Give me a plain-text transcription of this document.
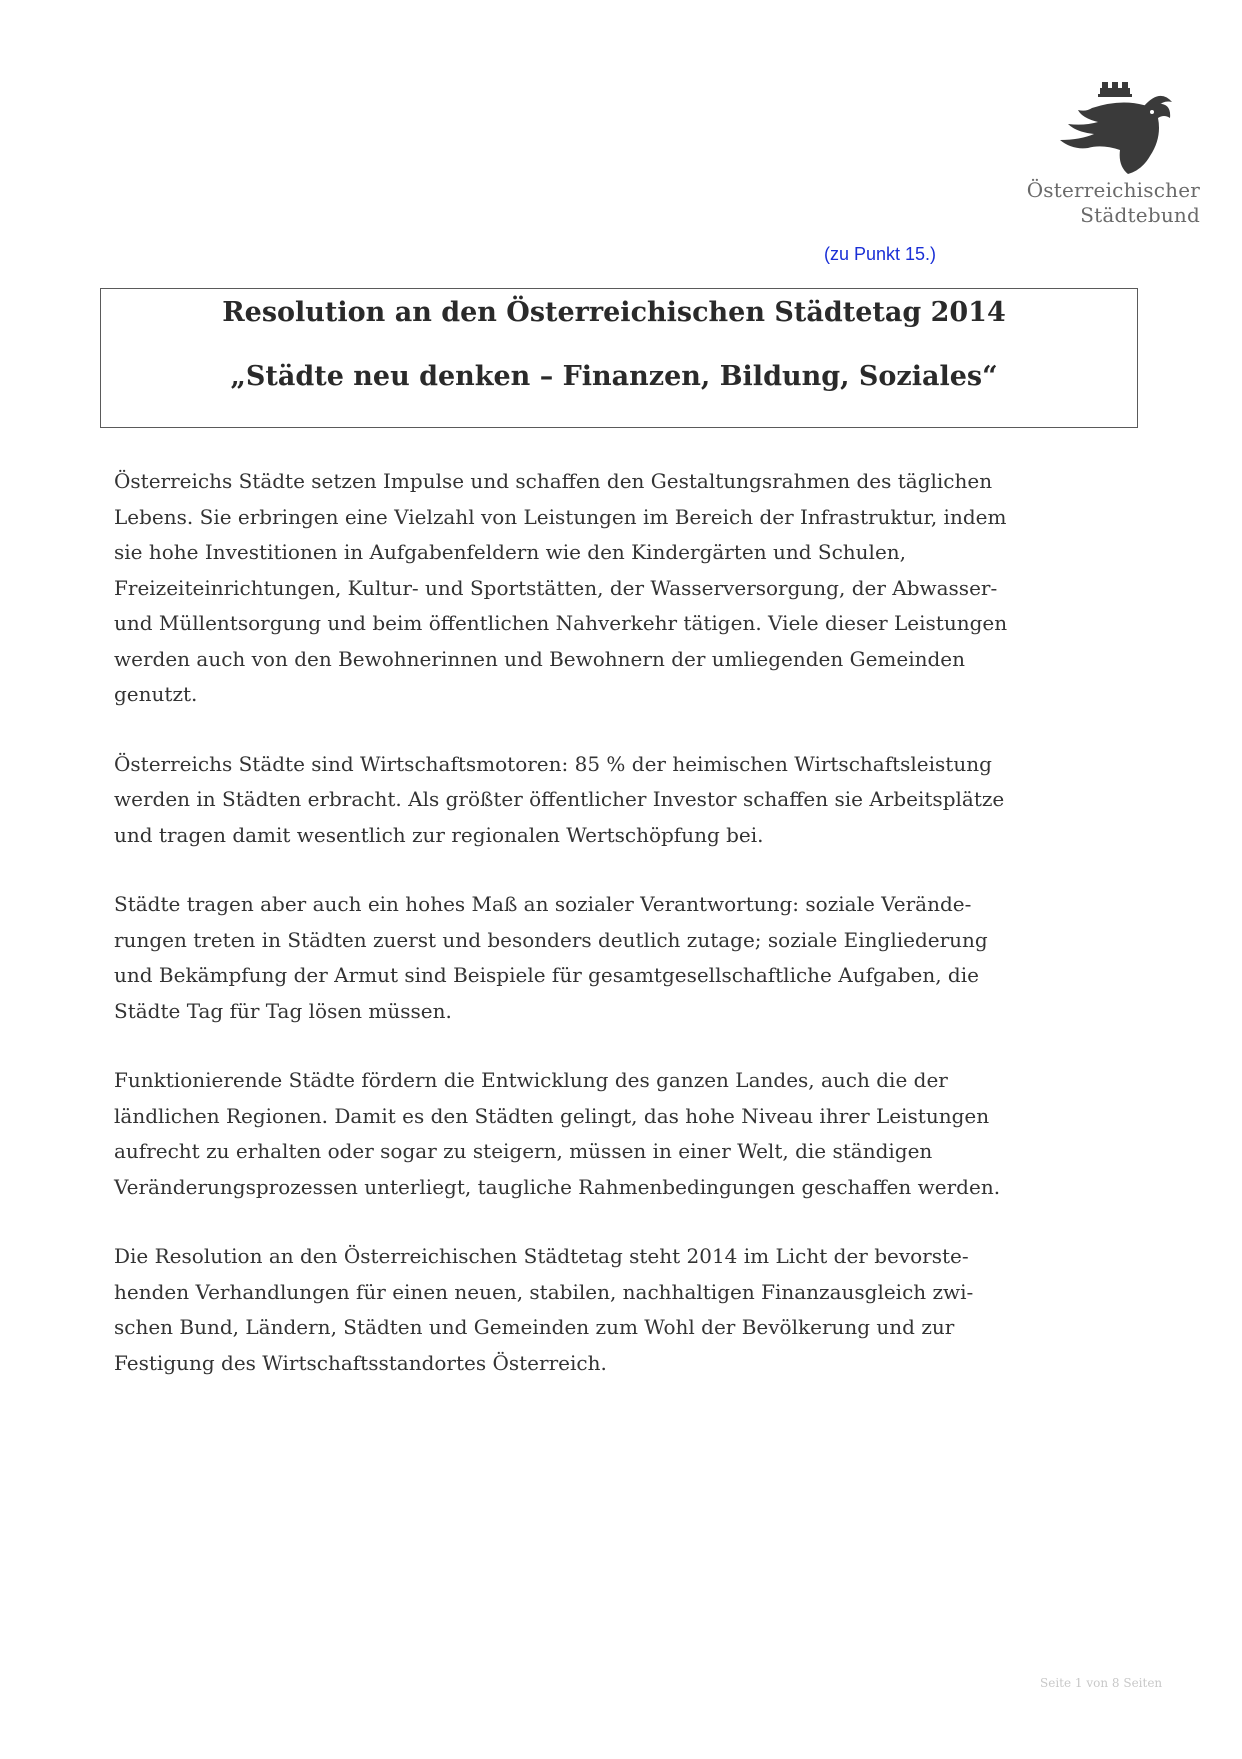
Österreichischer
Städtebund
(zu Punkt 15.)
Resolution an den Österreichischen Städtetag 2014
„Städte neu denken – Finanzen, Bildung, Soziales“

Österreichs Städte setzen Impulse und schaffen den Gestaltungsrahmen des täglichen
Lebens. Sie erbringen eine Vielzahl von Leistungen im Bereich der Infrastruktur, indem
sie hohe Investitionen in Aufgabenfeldern wie den Kindergärten und Schulen,
Freizeiteinrichtungen, Kultur- und Sportstätten, der Wasserversorgung, der Abwasser-
und Müllentsorgung und beim öffentlichen Nahverkehr tätigen. Viele dieser Leistungen
werden auch von den Bewohnerinnen und Bewohnern der umliegenden Gemeinden
genutzt.

Österreichs Städte sind Wirtschaftsmotoren: 85 % der heimischen Wirtschaftsleistung
werden in Städten erbracht. Als größter öffentlicher Investor schaffen sie Arbeitsplätze
und tragen damit wesentlich zur regionalen Wertschöpfung bei.

Städte tragen aber auch ein hohes Maß an sozialer Verantwortung: soziale Verände-
rungen treten in Städten zuerst und besonders deutlich zutage; soziale Eingliederung
und Bekämpfung der Armut sind Beispiele für gesamtgesellschaftliche Aufgaben, die
Städte Tag für Tag lösen müssen.

Funktionierende Städte fördern die Entwicklung des ganzen Landes, auch die der
ländlichen Regionen. Damit es den Städten gelingt, das hohe Niveau ihrer Leistungen
aufrecht zu erhalten oder sogar zu steigern, müssen in einer Welt, die ständigen
Veränderungsprozessen unterliegt, taugliche Rahmenbedingungen geschaffen werden.

Die Resolution an den Österreichischen Städtetag steht 2014 im Licht der bevorste-
henden Verhandlungen für einen neuen, stabilen, nachhaltigen Finanzausgleich zwi-
schen Bund, Ländern, Städten und Gemeinden zum Wohl der Bevölkerung und zur
Festigung des Wirtschaftsstandortes Österreich.

Seite 1 von 8 Seiten
